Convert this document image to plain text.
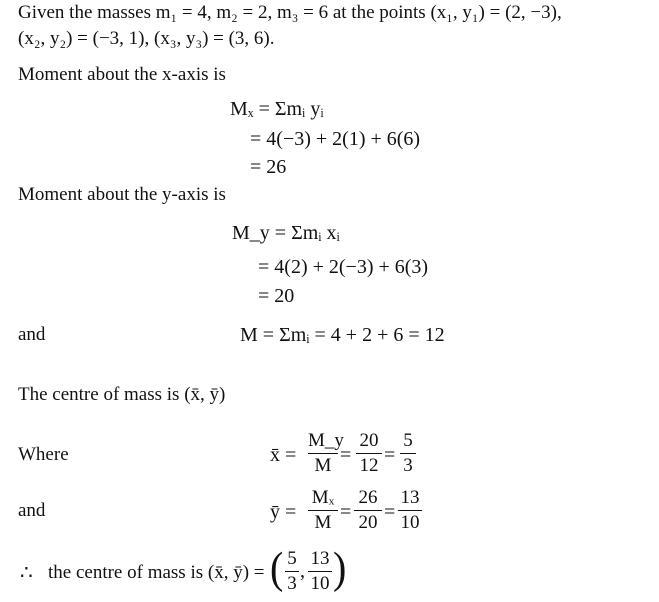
Given the masses m₁ = 4, m₂ = 2, m₃ = 6 at the points (x₁, y₁) = (2, −3),
(x₂, y₂) = (−3, 1), (x₃, y₃) = (3, 6).
Moment about the x-axis is
Mₓ = Σmᵢ yᵢ
= 4(−3) + 2(1) + 6(6)
= 26
Moment about the y-axis is
M_y = Σmᵢ xᵢ
= 4(2) + 2(−3) + 6(3)
= 20
and	M = Σmᵢ = 4 + 2 + 6 = 12
The centre of mass is (x̄, ȳ)
Where	x̄ =
M_y
M =
20
12 =
5
3
and	ȳ =
Mₓ
M =
26
20 =
13
10
∴ the centre of mass is (x̄, ȳ) = ( 5
3
,
13
10 )
